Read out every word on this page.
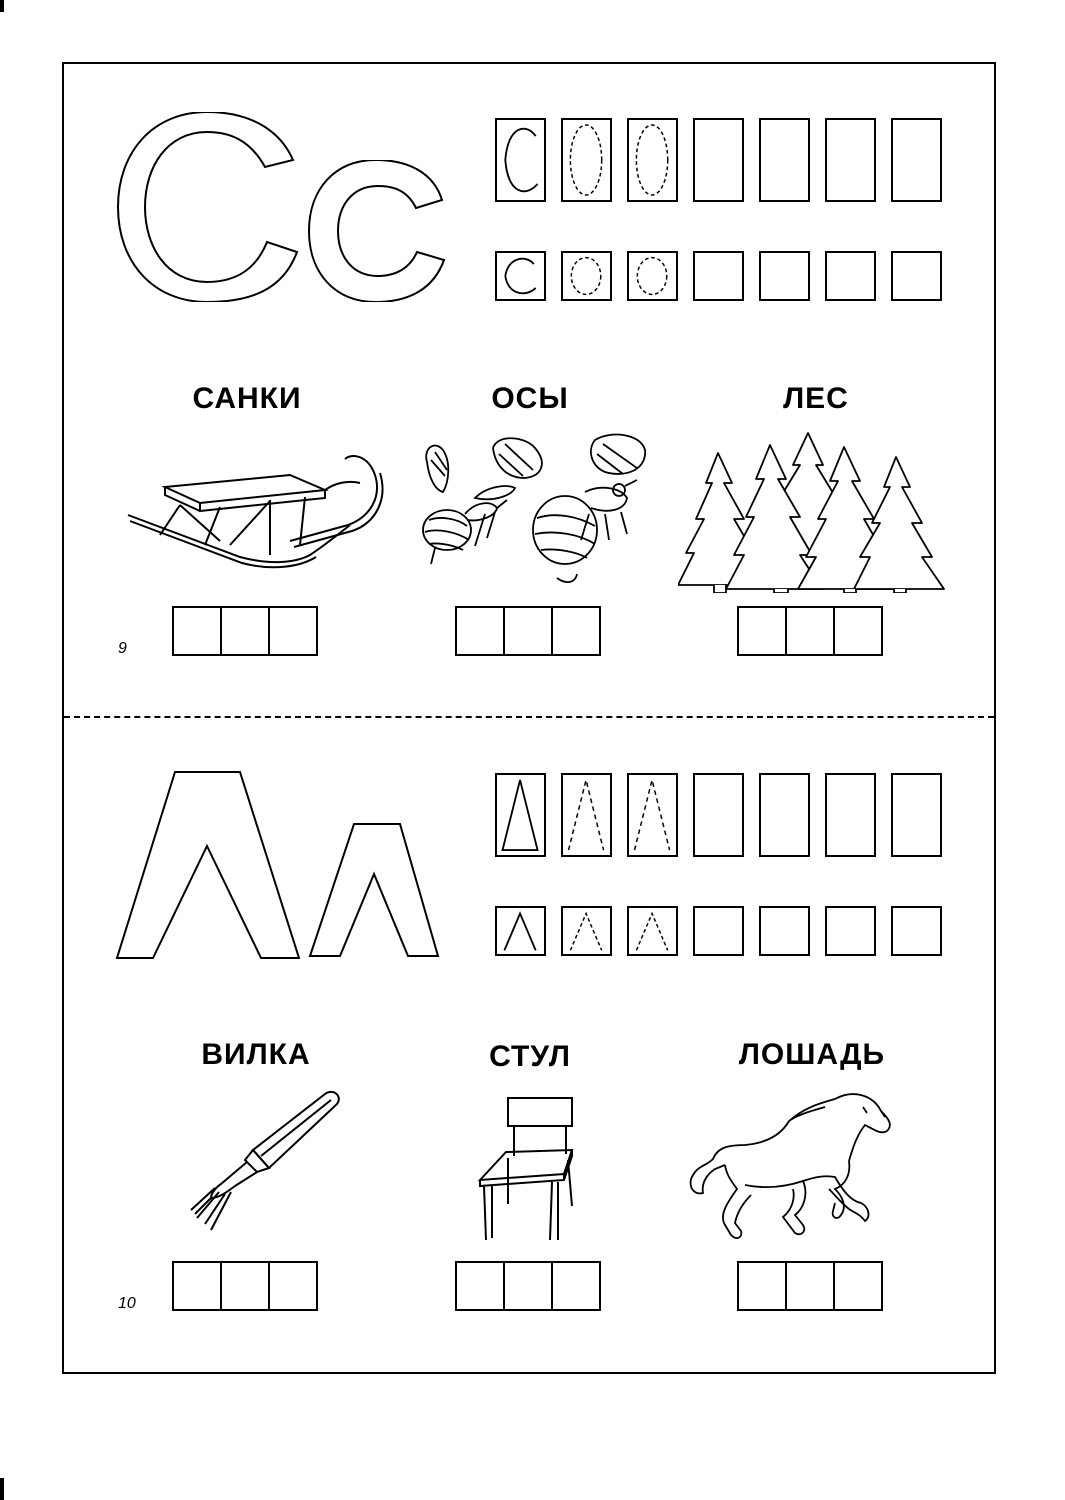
САНКИ	ОСЫ	ЛЕС
9
ВИЛКА	СТУЛ	ЛОШАДЬ
10
